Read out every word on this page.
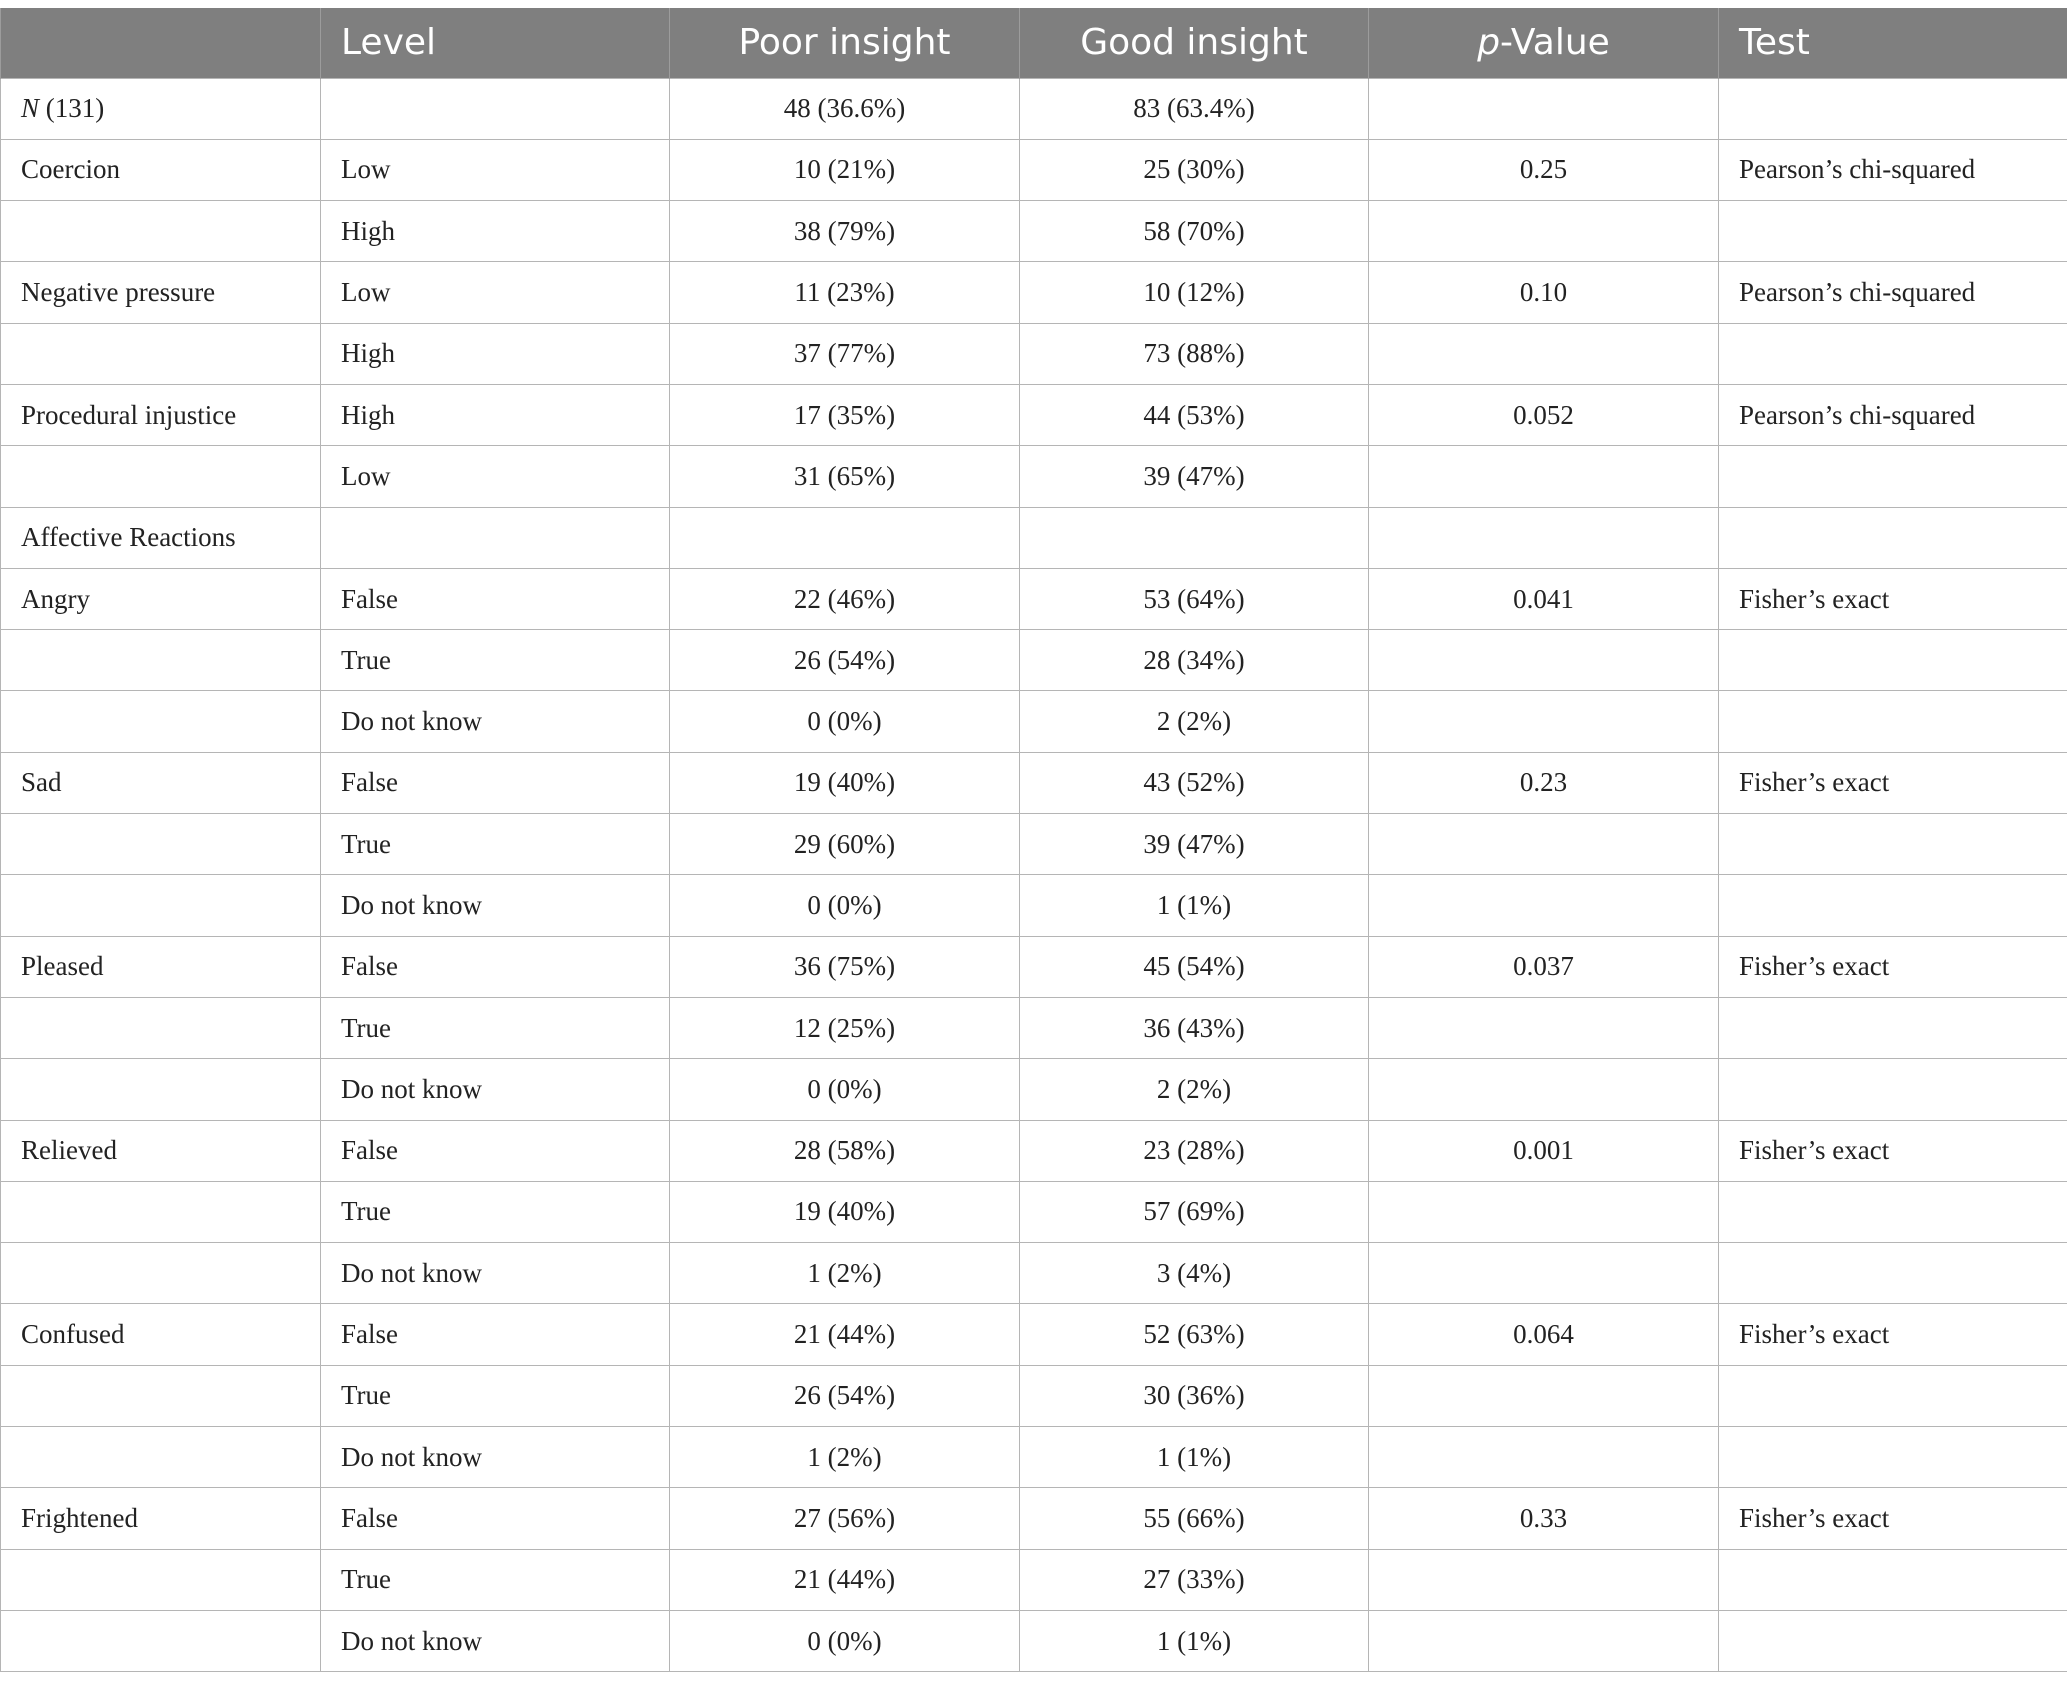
	Level	Poor insight	Good insight	p-Value	Test
N (131)		48 (36.6%)	83 (63.4%)		
Coercion	Low	10 (21%)	25 (30%)	0.25	Pearson’s chi-squared
	High	38 (79%)	58 (70%)		
Negative pressure	Low	11 (23%)	10 (12%)	0.10	Pearson’s chi-squared
	High	37 (77%)	73 (88%)		
Procedural injustice	High	17 (35%)	44 (53%)	0.052	Pearson’s chi-squared
	Low	31 (65%)	39 (47%)		
Affective Reactions					
Angry	False	22 (46%)	53 (64%)	0.041	Fisher’s exact
	True	26 (54%)	28 (34%)		
	Do not know	0 (0%)	2 (2%)		
Sad	False	19 (40%)	43 (52%)	0.23	Fisher’s exact
	True	29 (60%)	39 (47%)		
	Do not know	0 (0%)	1 (1%)		
Pleased	False	36 (75%)	45 (54%)	0.037	Fisher’s exact
	True	12 (25%)	36 (43%)		
	Do not know	0 (0%)	2 (2%)		
Relieved	False	28 (58%)	23 (28%)	0.001	Fisher’s exact
	True	19 (40%)	57 (69%)		
	Do not know	1 (2%)	3 (4%)		
Confused	False	21 (44%)	52 (63%)	0.064	Fisher’s exact
	True	26 (54%)	30 (36%)		
	Do not know	1 (2%)	1 (1%)		
Frightened	False	27 (56%)	55 (66%)	0.33	Fisher’s exact
	True	21 (44%)	27 (33%)		
	Do not know	0 (0%)	1 (1%)		
